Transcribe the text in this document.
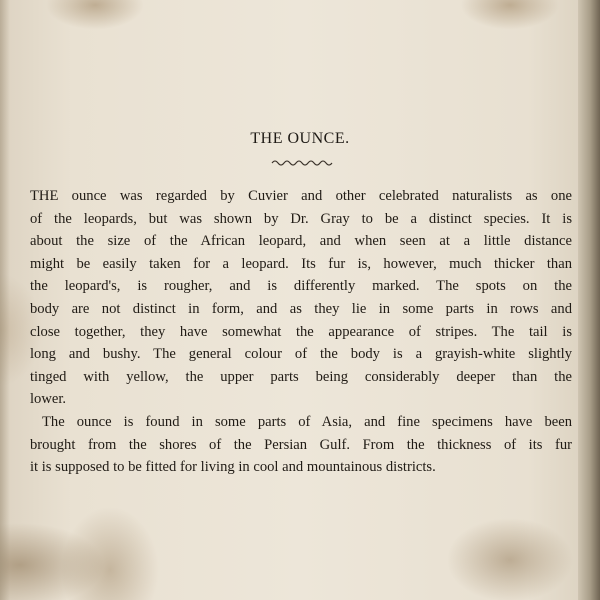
THE OUNCE.
THE ounce was regarded by Cuvier and other celebrated naturalists as one
of the leopards, but was shown by Dr. Gray to be a distinct species. It is
about the size of the African leopard, and when seen at a little distance
might be easily taken for a leopard. Its fur is, however, much thicker than
the leopard's, is rougher, and is differently marked. The spots on the
body are not distinct in form, and as they lie in some parts in rows and
close together, they have somewhat the appearance of stripes. The tail is
long and bushy. The general colour of the body is a grayish-white slightly
tinged with yellow, the upper parts being considerably deeper than the
lower.
The ounce is found in some parts of Asia, and fine specimens have been
brought from the shores of the Persian Gulf. From the thickness of its fur
it is supposed to be fitted for living in cool and mountainous districts.
